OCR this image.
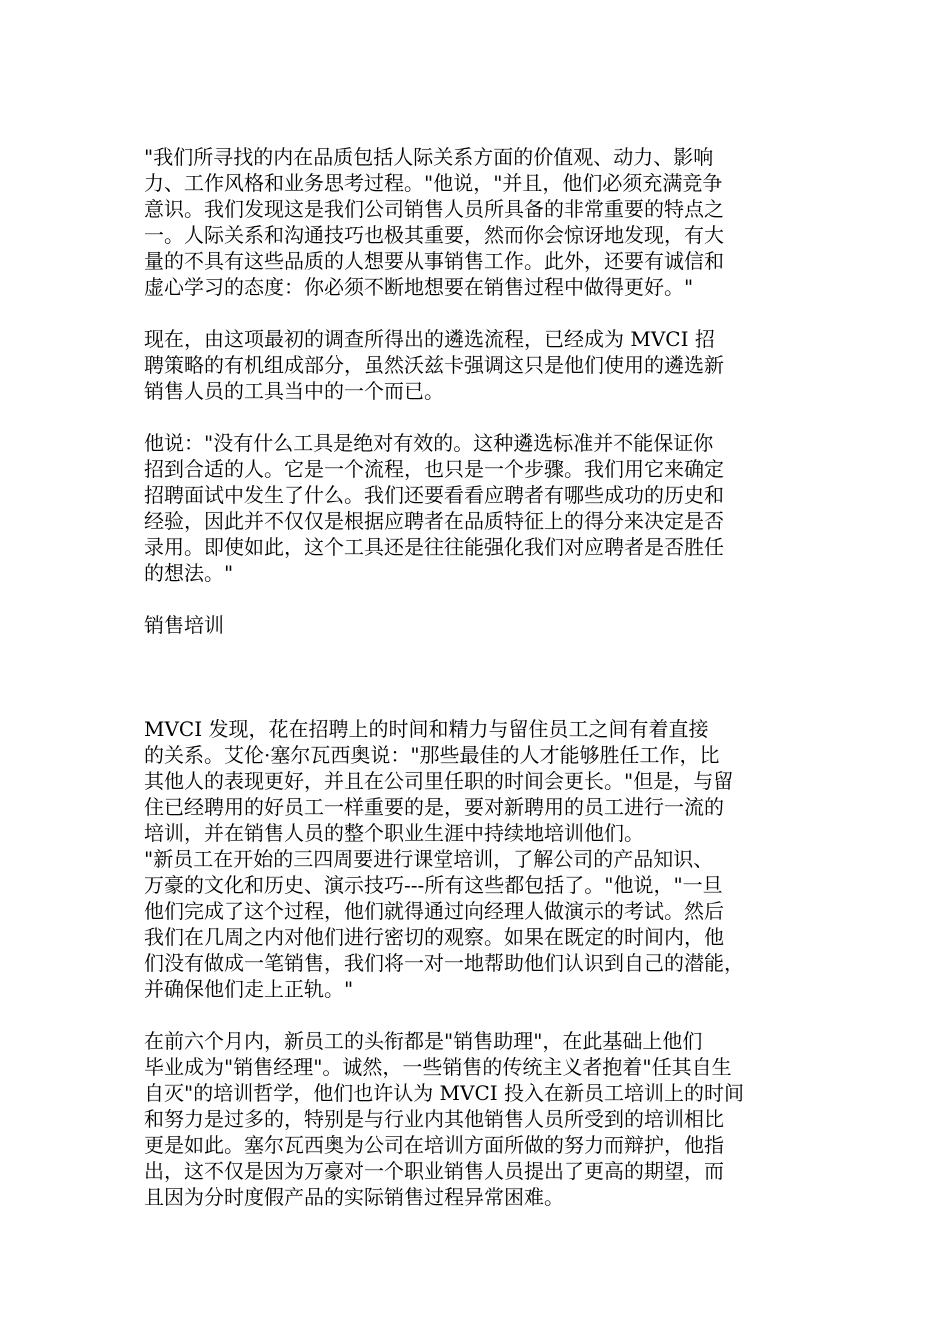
"我们所寻找的内在品质包括人际关系方面的价值观、动力、影响
力、工作风格和业务思考过程。"他说，"并且，他们必须充满竞争
意识。我们发现这是我们公司销售人员所具备的非常重要的特点之
一。人际关系和沟通技巧也极其重要，然而你会惊讶地发现，有大
量的不具有这些品质的人想要从事销售工作。此外，还要有诚信和
虚心学习的态度：你必须不断地想要在销售过程中做得更好。"
现在，由这项最初的调查所得出的遴选流程，已经成为 MVCI 招
聘策略的有机组成部分，虽然沃兹卡强调这只是他们使用的遴选新
销售人员的工具当中的一个而已。
他说："没有什么工具是绝对有效的。这种遴选标准并不能保证你
招到合适的人。它是一个流程，也只是一个步骤。我们用它来确定
招聘面试中发生了什么。我们还要看看应聘者有哪些成功的历史和
经验，因此并不仅仅是根据应聘者在品质特征上的得分来决定是否
录用。即使如此，这个工具还是往往能强化我们对应聘者是否胜任
的想法。"
销售培训
MVCI 发现，花在招聘上的时间和精力与留住员工之间有着直接
的关系。艾伦·塞尔瓦西奥说："那些最佳的人才能够胜任工作，比
其他人的表现更好，并且在公司里任职的时间会更长。"但是，与留
住已经聘用的好员工一样重要的是，要对新聘用的员工进行一流的
培训，并在销售人员的整个职业生涯中持续地培训他们。
"新员工在开始的三四周要进行课堂培训，了解公司的产品知识、
万豪的文化和历史、演示技巧---所有这些都包括了。"他说，"一旦
他们完成了这个过程，他们就得通过向经理人做演示的考试。然后
我们在几周之内对他们进行密切的观察。如果在既定的时间内，他
们没有做成一笔销售，我们将一对一地帮助他们认识到自己的潜能，
并确保他们走上正轨。"
在前六个月内，新员工的头衔都是"销售助理"，在此基础上他们
毕业成为"销售经理"。诚然，一些销售的传统主义者抱着"任其自生
自灭"的培训哲学，他们也许认为 MVCI 投入在新员工培训上的时间
和努力是过多的，特别是与行业内其他销售人员所受到的培训相比
更是如此。塞尔瓦西奥为公司在培训方面所做的努力而辩护，他指
出，这不仅是因为万豪对一个职业销售人员提出了更高的期望，而
且因为分时度假产品的实际销售过程异常困难。
